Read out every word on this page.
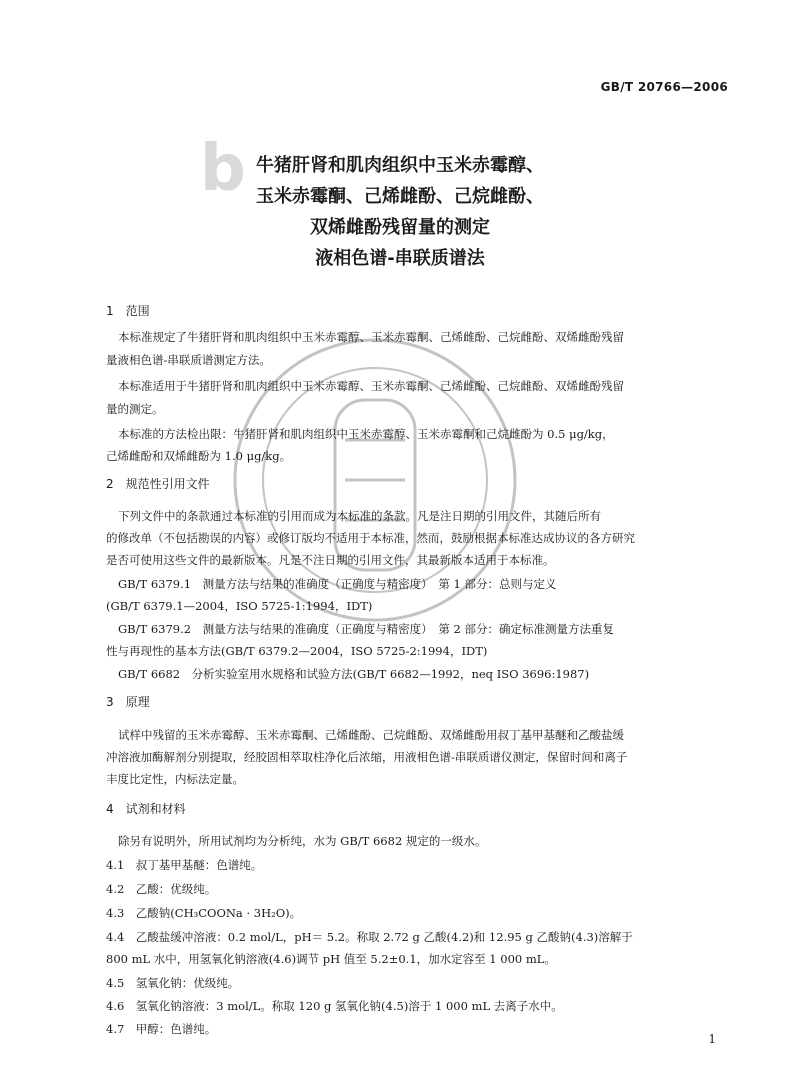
GB/T 20766—2006
b 牛猪肝肾和肌肉组织中玉米赤霉醇、
玉米赤霉酮、己烯雌酚、己烷雌酚、
双烯雌酚残留量的测定
液相色谱-串联质谱法
1　范围
本标准规定了牛猪肝肾和肌肉组织中玉米赤霉醇、玉米赤霉酮、己烯雌酚、己烷雌酚、双烯雌酚残留
量液相色谱-串联质谱测定方法。
本标准适用于牛猪肝肾和肌肉组织中玉米赤霉醇、玉米赤霉酮、己烯雌酚、己烷雌酚、双烯雌酚残留
量的测定。
本标准的方法检出限：牛猪肝肾和肌肉组织中玉米赤霉醇、玉米赤霉酮和己烷雌酚为 0.5 μg/kg，
己烯雌酚和双烯雌酚为 1.0 μg/kg。
2　规范性引用文件
下列文件中的条款通过本标准的引用而成为本标准的条款。凡是注日期的引用文件，其随后所有
的修改单（不包括勘误的内容）或修订版均不适用于本标准，然而，鼓励根据本标准达成协议的各方研究
是否可使用这些文件的最新版本。凡是不注日期的引用文件，其最新版本适用于本标准。
GB/T 6379.1　测量方法与结果的准确度（正确度与精密度）　第 1 部分：总则与定义
(GB/T 6379.1—2004，ISO 5725-1:1994，IDT)
GB/T 6379.2　测量方法与结果的准确度（正确度与精密度）　第 2 部分：确定标准测量方法重复
性与再现性的基本方法(GB/T 6379.2—2004，ISO 5725-2:1994，IDT)
GB/T 6682　分析实验室用水规格和试验方法(GB/T 6682—1992，neq ISO 3696:1987)
3　原理
试样中残留的玉米赤霉醇、玉米赤霉酮、己烯雌酚、己烷雌酚、双烯雌酚用叔丁基甲基醚和乙酸盐缓
冲溶液加酶解剂分别提取，经胶固相萃取柱净化后浓缩，用液相色谱-串联质谱仪测定，保留时间和离子
丰度比定性，内标法定量。
4　试剂和材料
除另有说明外，所用试剂均为分析纯，水为 GB/T 6682 规定的一级水。
4.1　叔丁基甲基醚：色谱纯。
4.2　乙酸：优级纯。
4.3　乙酸钠(CH₃COONa · 3H₂O)。
4.4　乙酸盐缓冲溶液：0.2 mol/L，pH＝ 5.2。称取 2.72 g 乙酸(4.2)和 12.95 g 乙酸钠(4.3)溶解于
800 mL 水中，用氢氧化钠溶液(4.6)调节 pH 值至 5.2±0.1，加水定容至 1 000 mL。
4.5　氢氧化钠：优级纯。
4.6　氢氧化钠溶液：3 mol/L。称取 120 g 氢氧化钠(4.5)溶于 1 000 mL 去离子水中。
4.7　甲醇：色谱纯。
1
